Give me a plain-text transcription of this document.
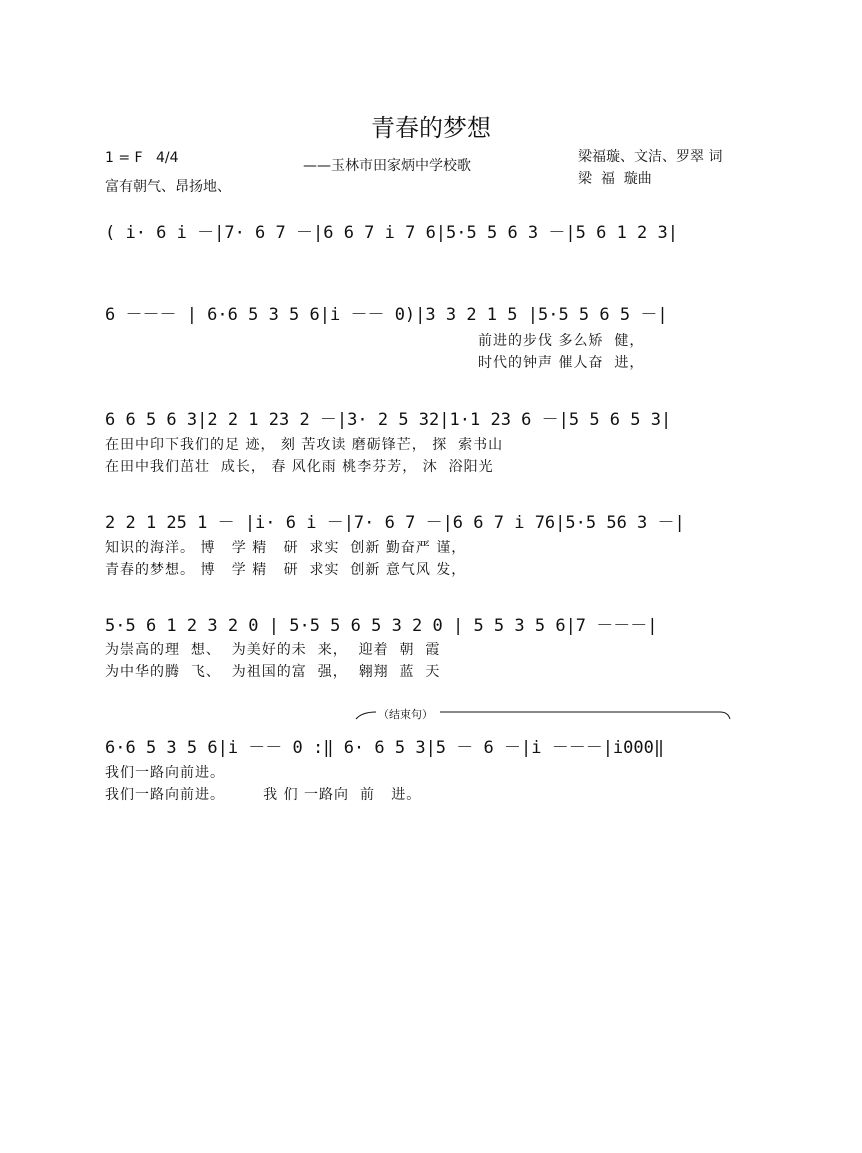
青春的梦想
1 = F   4/4	——玉林市田家炳中学校歌
梁福璇、文洁、罗翠 词
富有朝气、昂扬地、	梁  福  璇曲
( i· 6 i －|7· 6 7 －|6 6 7 i 7 6|5·5 5 6 3 －|5 6 1 2 3|
6 －－－ | 6·6 5 3 5 6|i －－ 0)|3 3 2 1 5 |5·5 5 6 5 －|
前进的步伐 多么矫  健，
时代的钟声 催人奋  进，
6 6 5 6 3|2 2 1 23 2 －|3· 2 5 32|1·1 23 6 －|5 5 6 5 3|
在田中印下我们的足 迹， 刻 苦攻读 磨砺锋芒， 探  索书山
在田中我们茁壮  成长， 春 风化雨 桃李芬芳， 沐  浴阳光
2 2 1 25 1 － |i· 6 i －|7· 6 7 －|6 6 7 i 76|5·5 56 3 －|
知识的海洋。 博   学 精   研  求实  创新 勤奋严 谨，
青春的梦想。 博   学 精   研  求实  创新 意气风 发，
5·5 6 1 2 3 2 0 | 5·5 5 6 5 3 2 0 | 5 5 3 5 6|7 －－－|
为崇高的理  想、  为美好的未  来，  迎着  朝  霞
为中华的腾  飞、  为祖国的富  强，  翱翔  蓝  天
（结束句）
6·6 5 3 5 6|i －－ 0 :‖ 6· 6 5 3|5 － 6 －|i －－－|i000‖
我们一路向前进。
我们一路向前进。       我 们 一路向  前   进。
